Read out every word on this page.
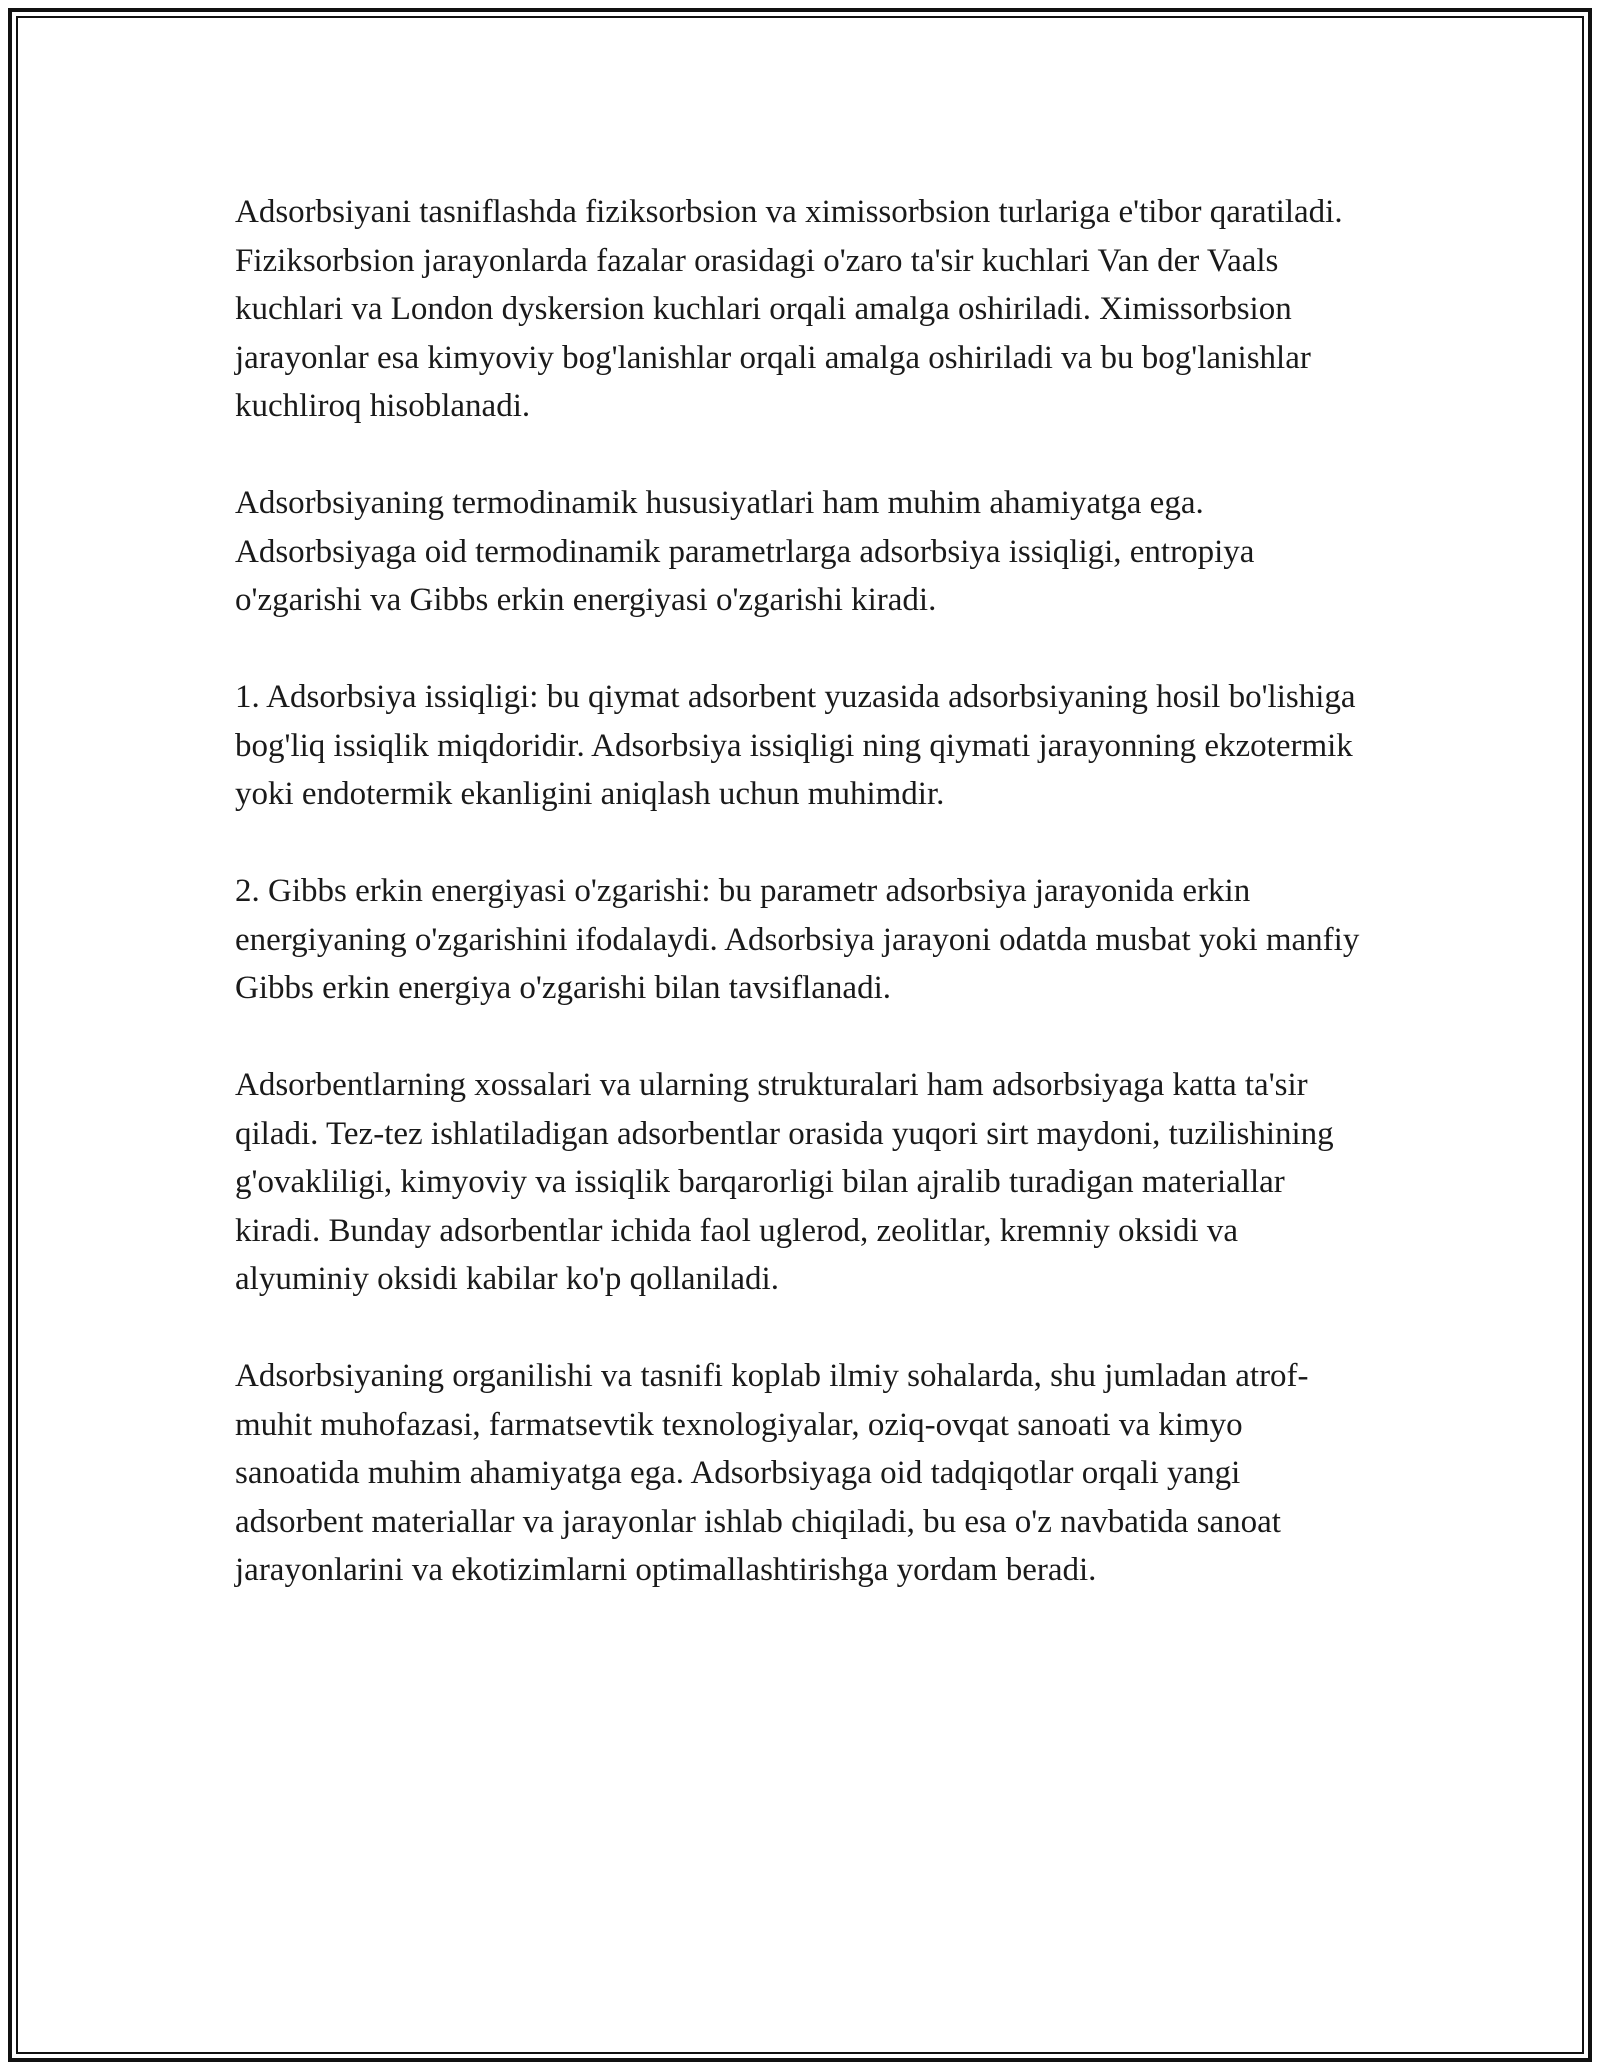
Adsorbsiyani tasniflashda fiziksorbsion va ximissorbsion turlariga e'tibor qaratiladi. Fiziksorbsion jarayonlarda fazalar orasidagi o'zaro ta'sir kuchlari Van der Vaals kuchlari va London dyskersion kuchlari orqali amalga oshiriladi. Ximissorbsion jarayonlar esa kimyoviy bog'lanishlar orqali amalga oshiriladi va bu bog'lanishlar kuchliroq hisoblanadi.

Adsorbsiyaning termodinamik hususiyatlari ham muhim ahamiyatga ega. Adsorbsiyaga oid termodinamik parametrlarga adsorbsiya issiqligi, entropiya o'zgarishi va Gibbs erkin energiyasi o'zgarishi kiradi.

1. Adsorbsiya issiqligi: bu qiymat adsorbent yuzasida adsorbsiyaning hosil bo'lishiga bog'liq issiqlik miqdoridir. Adsorbsiya issiqligi ning qiymati jarayonning ekzotermik yoki endotermik ekanligini aniqlash uchun muhimdir.

2. Gibbs erkin energiyasi o'zgarishi: bu parametr adsorbsiya jarayonida erkin energiyaning o'zgarishini ifodalaydi. Adsorbsiya jarayoni odatda musbat yoki manfiy Gibbs erkin energiya o'zgarishi bilan tavsiflanadi.

Adsorbentlarning xossalari va ularning strukturalari ham adsorbsiyaga katta ta'sir qiladi. Tez-tez ishlatiladigan adsorbentlar orasida yuqori sirt maydoni, tuzilishining g'ovakliligi, kimyoviy va issiqlik barqarorligi bilan ajralib turadigan materiallar kiradi. Bunday adsorbentlar ichida faol uglerod, zeolitlar, kremniy oksidi va alyuminiy oksidi kabilar ko'p qollaniladi.

Adsorbsiyaning organilishi va tasnifi koplab ilmiy sohalarda, shu jumladan atrof-muhit muhofazasi, farmatsevtik texnologiyalar, oziq-ovqat sanoati va kimyo sanoatida muhim ahamiyatga ega. Adsorbsiyaga oid tadqiqotlar orqali yangi adsorbent materiallar va jarayonlar ishlab chiqiladi, bu esa o'z navbatida sanoat jarayonlarini va ekotizimlarni optimallashtirishga yordam beradi.
